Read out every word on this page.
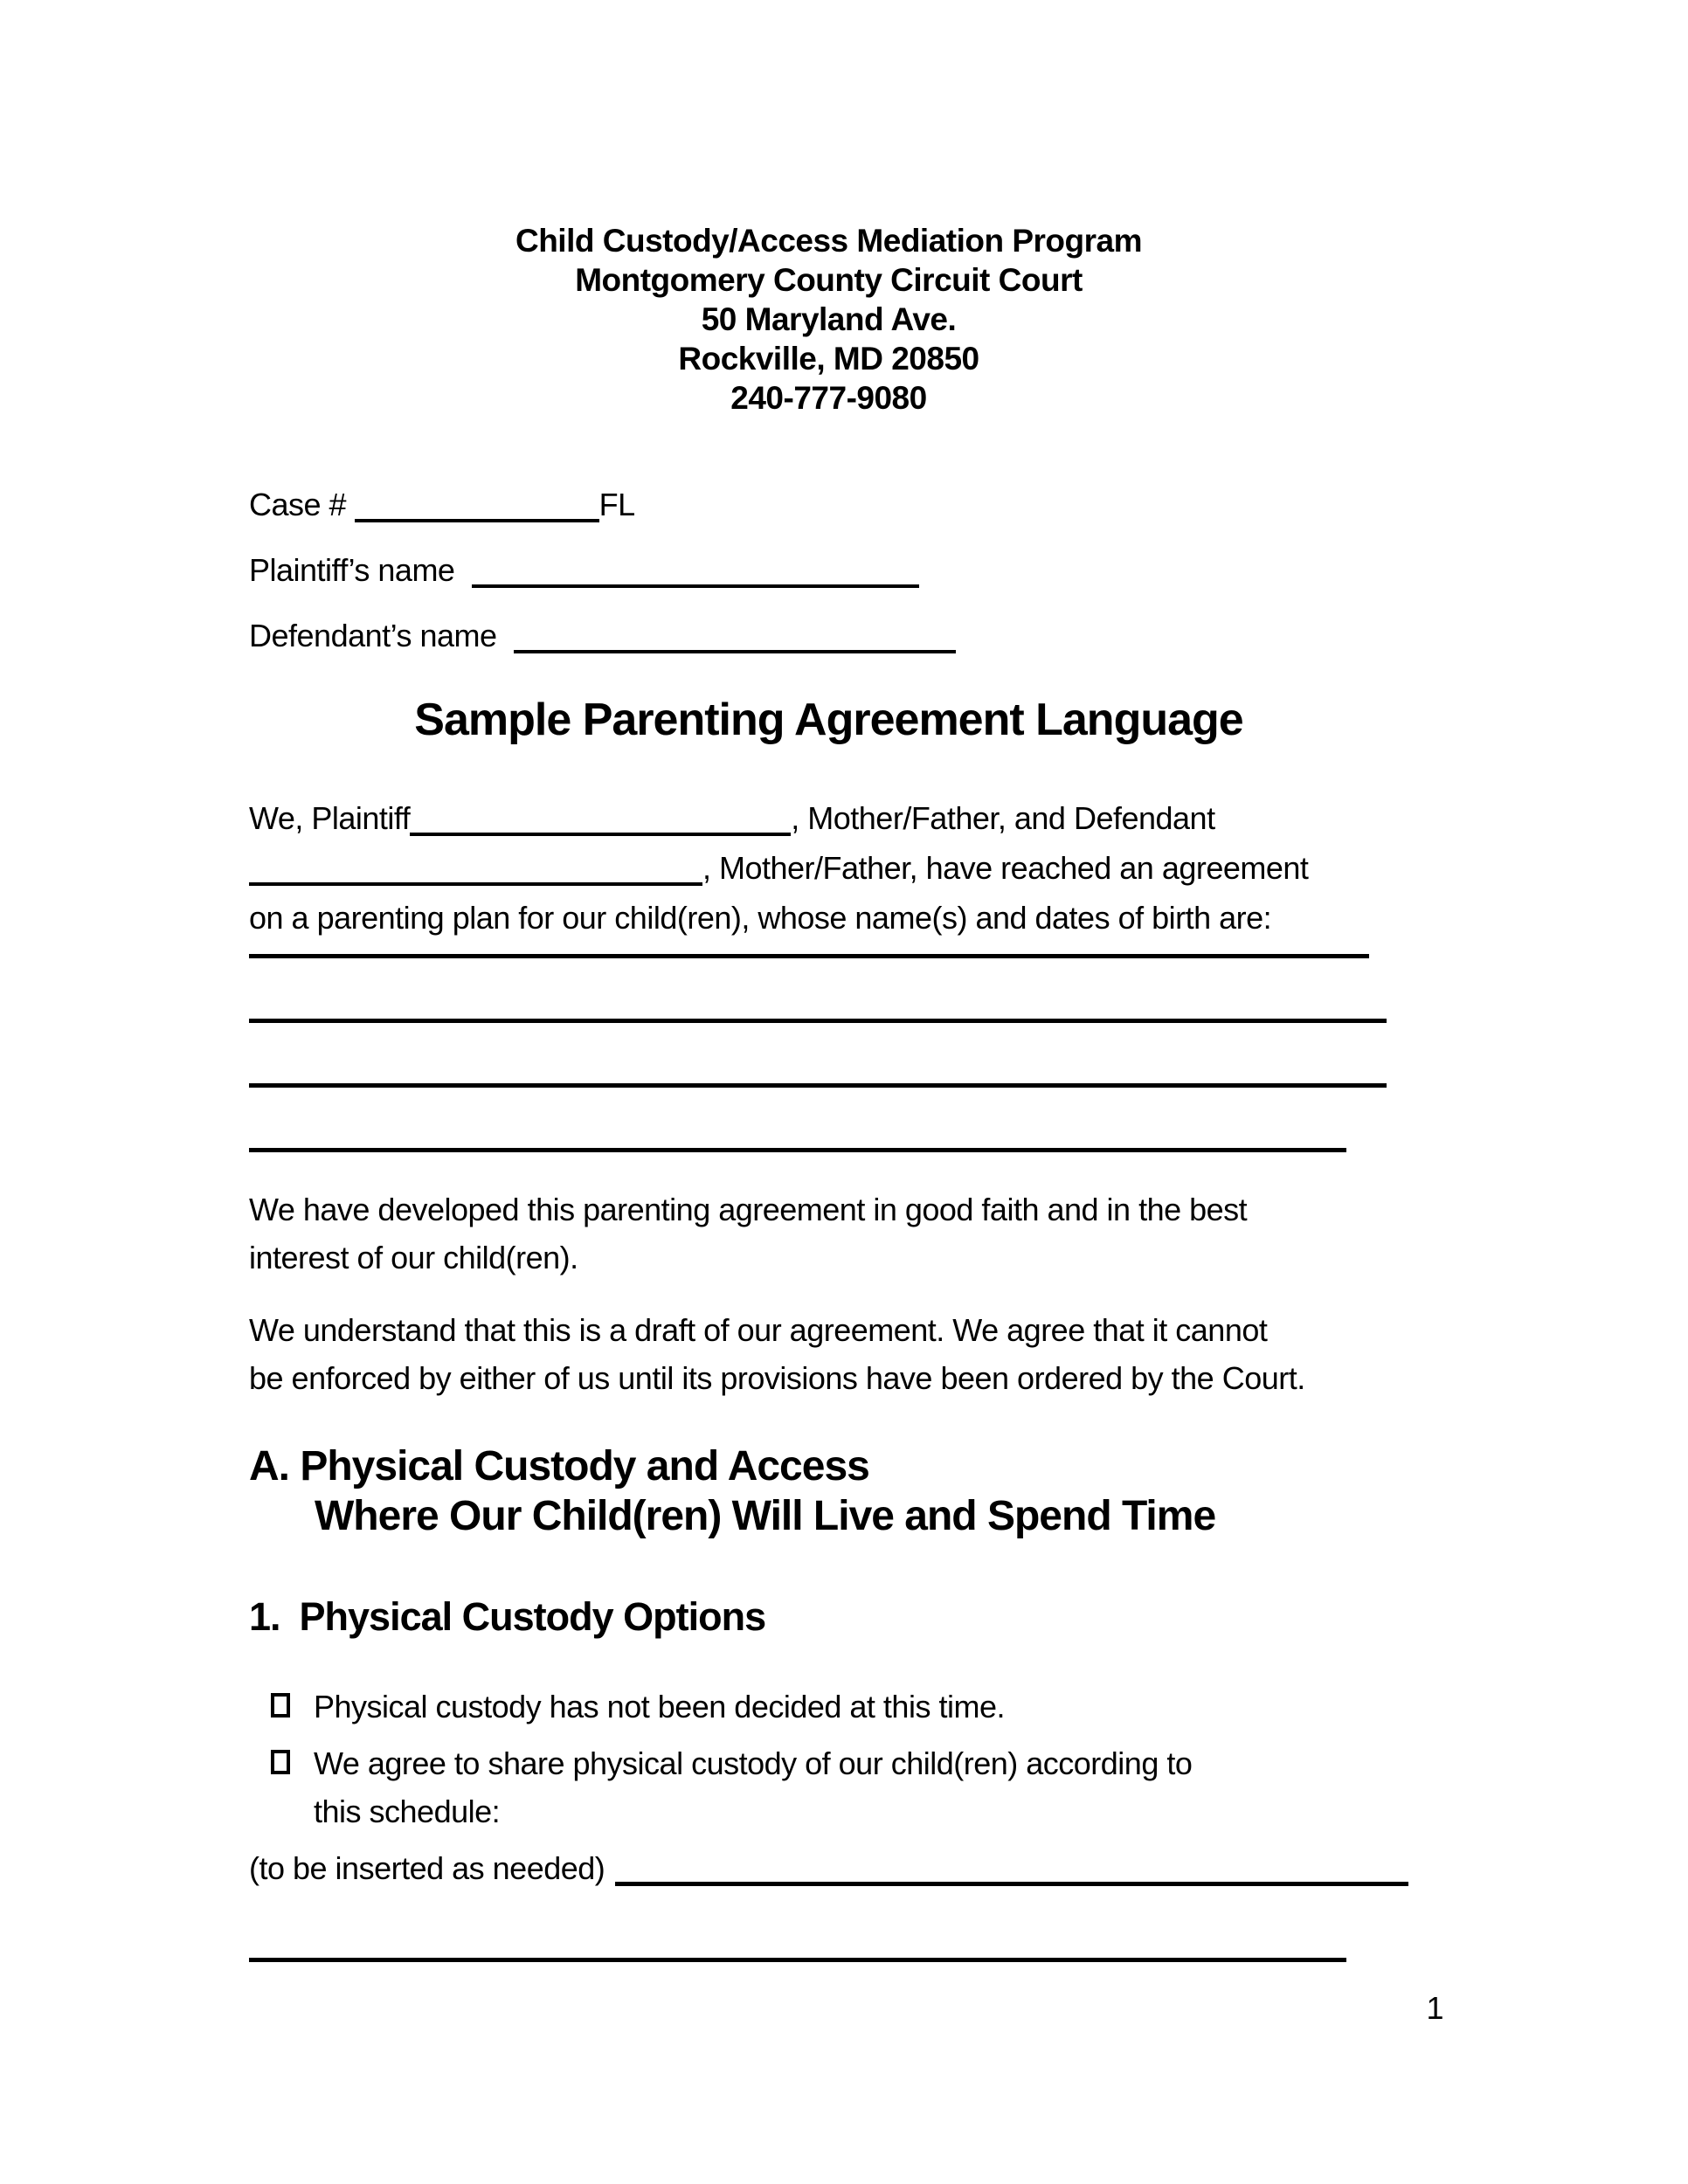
Child Custody/Access Mediation Program
Montgomery County Circuit Court
50 Maryland Ave.
Rockville, MD 20850
240-777-9080
Case #	FL
Plaintiff’s name
Defendant’s name
Sample Parenting Agreement Language

We, Plaintiff	, Mother/Father, and Defendant
, Mother/Father, have reached an agreement
on a parenting plan for our child(ren), whose name(s) and dates of birth are:

We have developed this parenting agreement in good faith and in the best
interest of our child(ren).

We understand that this is a draft of our agreement. We agree that it cannot
be enforced by either of us until its provisions have been ordered by the Court.

A. Physical Custody and Access
Where Our Child(ren) Will Live and Spend Time
1. Physical Custody Options
Physical custody has not been decided at this time.
We agree to share physical custody of our child(ren) according to
this schedule:
(to be inserted as needed)
1
